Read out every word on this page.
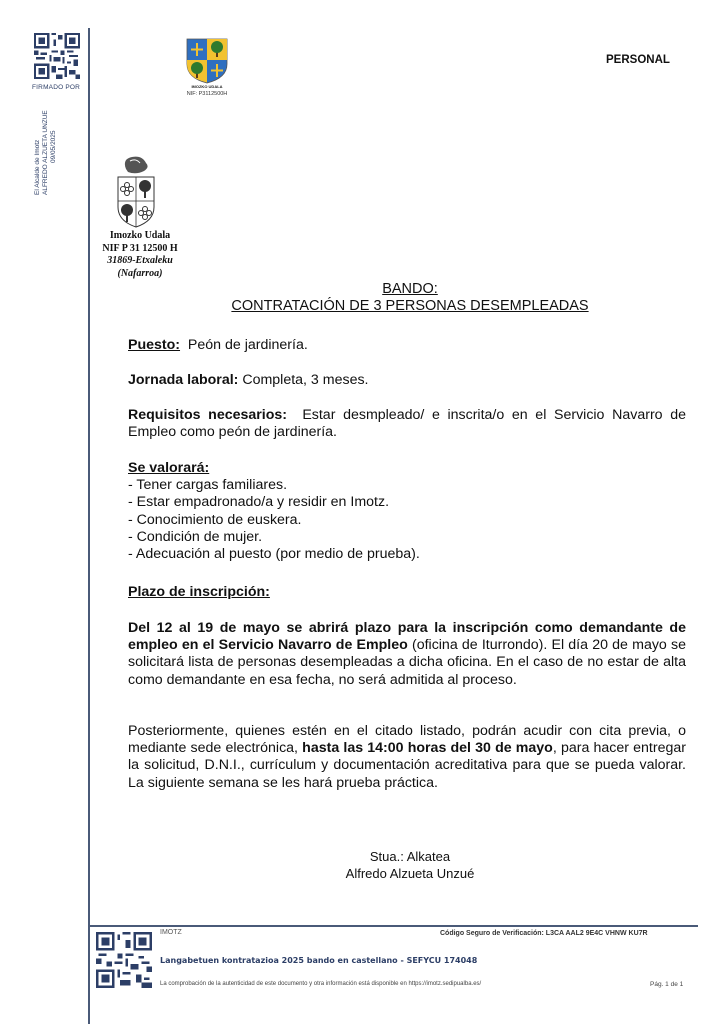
FIRMADO POR
El Alcalde de Imotz ALFREDO ALZUETA UNZUE 09/05/2025
IMOZKO UDALA
NIF: P3112500H
PERSONAL
Imozko Udala
NIF P 31 12500 H
31869-Etxaleku
(Nafarroa)
BANDO:
CONTRATACIÓN DE 3 PERSONAS DESEMPLEADAS
Puesto: Peón de jardinería.
Jornada laboral: Completa, 3 meses.
Requisitos necesarios: Estar desmpleado/ e inscrita/o en el Servicio Navarro de Empleo como peón de jardinería.
Se valorará:
- Tener cargas familiares.
- Estar empadronado/a y residir en Imotz.
- Conocimiento de euskera.
- Condición de mujer.
- Adecuación al puesto (por medio de prueba).
Plazo de inscripción:
Del 12 al 19 de mayo se abrirá plazo para la inscripción como demandante de empleo en el Servicio Navarro de Empleo (oficina de Iturrondo). El día 20 de mayo se solicitará lista de personas desempleadas a dicha oficina. En el caso de no estar de alta como demandante en esa fecha, no será admitida al proceso.
Posteriormente, quienes estén en el citado listado, podrán acudir con cita previa, o mediante sede electrónica, hasta las 14:00 horas del 30 de mayo, para hacer entregar la solicitud, D.N.I., currículum y documentación acreditativa para que se pueda valorar. La siguiente semana se les hará prueba práctica.
Stua.: Alkatea
Alfredo Alzueta Unzué
IMOTZ	Código Seguro de Verificación: L3CA AAL2 9E4C VHNW KU7R
Langabetuen kontratazioa 2025 bando en castellano - SEFYCU 174048
La comprobación de la autenticidad de este documento y otra información está disponible en https://imotz.sedipualba.es/	Pág. 1 de 1
